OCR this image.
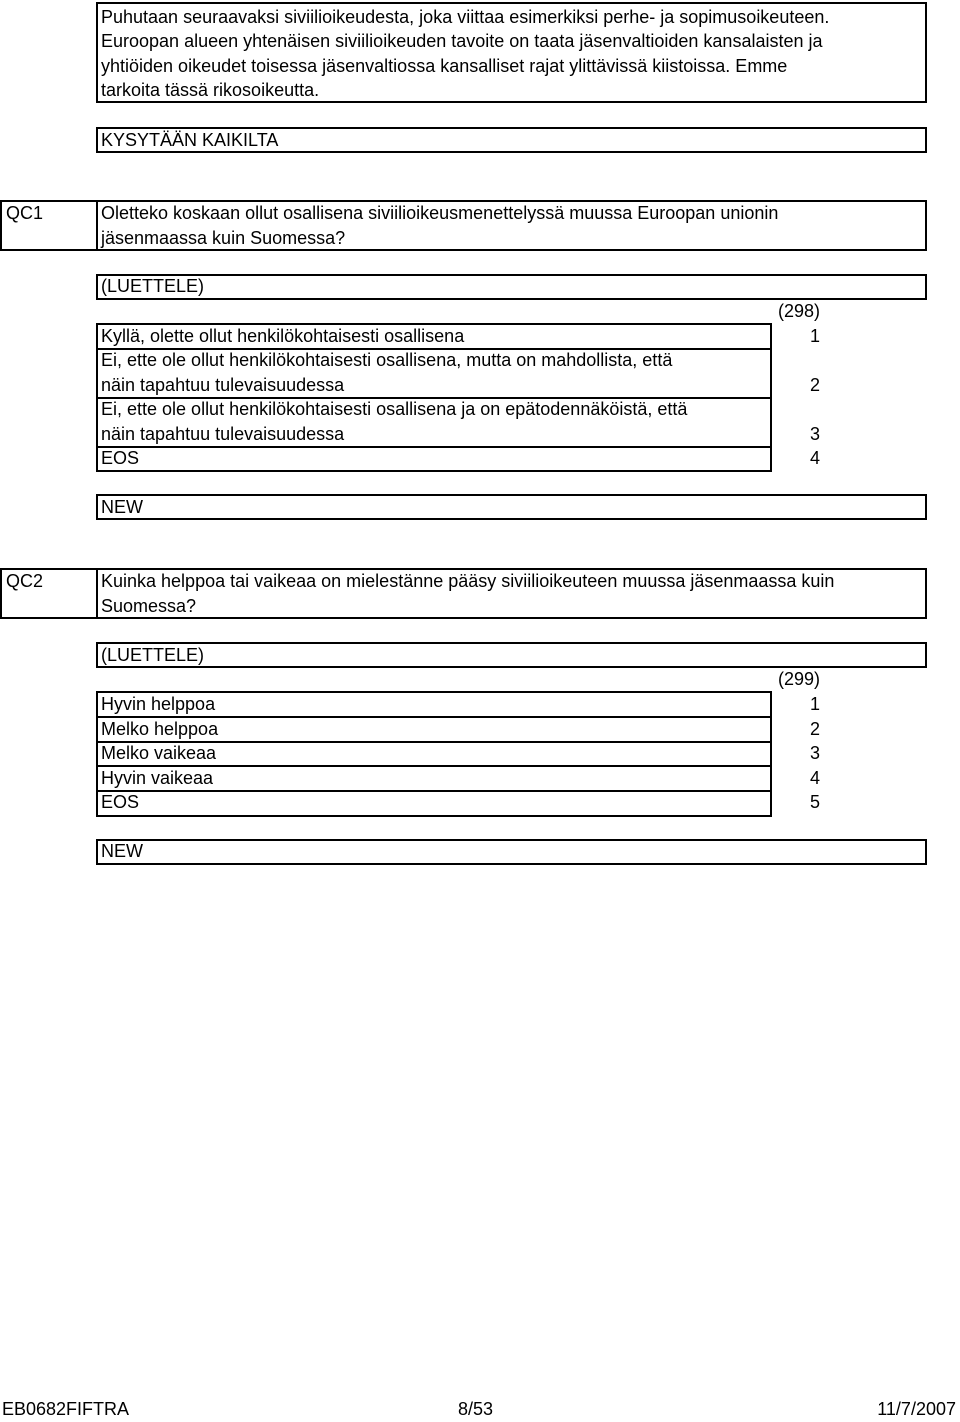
Puhutaan seuraavaksi siviilioikeudesta, joka viittaa esimerkiksi perhe- ja sopimusoikeuteen.
Euroopan alueen yhtenäisen siviilioikeuden tavoite on taata jäsenvaltioiden kansalaisten ja
yhtiöiden oikeudet toisessa jäsenvaltiossa kansalliset rajat ylittävissä kiistoissa. Emme
tarkoita tässä rikosoikeutta.
KYSYTÄÄN KAIKILTA
QC1	Oletteko koskaan ollut osallisena siviilioikeusmenettelyssä muussa Euroopan unionin
jäsenmaassa kuin Suomessa?
(LUETTELE)
(298)
Kyllä, olette ollut henkilökohtaisesti osallisena	1
Ei, ette ole ollut henkilökohtaisesti osallisena, mutta on mahdollista, että
näin tapahtuu tulevaisuudessa	2
Ei, ette ole ollut henkilökohtaisesti osallisena ja on epätodennäköistä, että
näin tapahtuu tulevaisuudessa	3
EOS	4
NEW
QC2	Kuinka helppoa tai vaikeaa on mielestänne pääsy siviilioikeuteen muussa jäsenmaassa kuin
Suomessa?
(LUETTELE)
(299)
Hyvin helppoa	1
Melko helppoa	2
Melko vaikeaa	3
Hyvin vaikeaa	4
EOS	5
NEW
EB0682FIFTRA	8/53	11/7/2007
